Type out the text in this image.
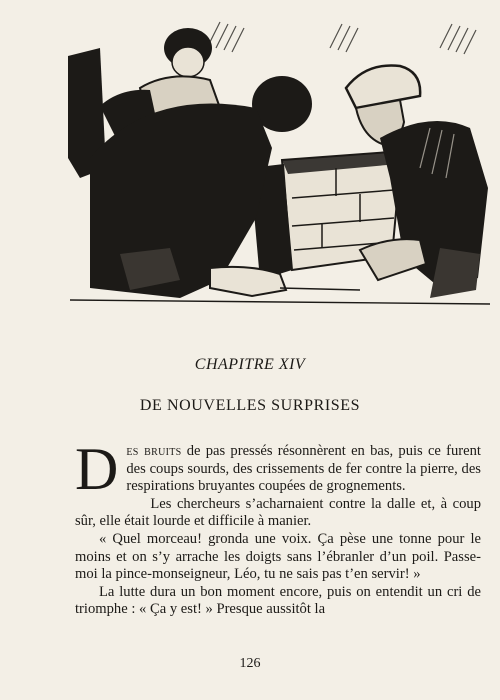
CHAPITRE XIV
DE NOUVELLES SURPRISES

Des bruits de pas pressés résonnèrent en bas, puis ce furent des coups sourds, des crissements de fer contre la pierre, des respirations bruyantes coupées de grognements.

Les chercheurs s’acharnaient contre la dalle et, à coup sûr, elle était lourde et difficile à manier.

« Quel morceau! gronda une voix. Ça pèse une tonne pour le moins et on s’y arrache les doigts sans l’ébranler d’un poil. Passe-moi la pince-monseigneur, Léo, tu ne sais pas t’en servir! »

La lutte dura un bon moment encore, puis on entendit un cri de triomphe : « Ça y est! » Presque aussitôt la

126
